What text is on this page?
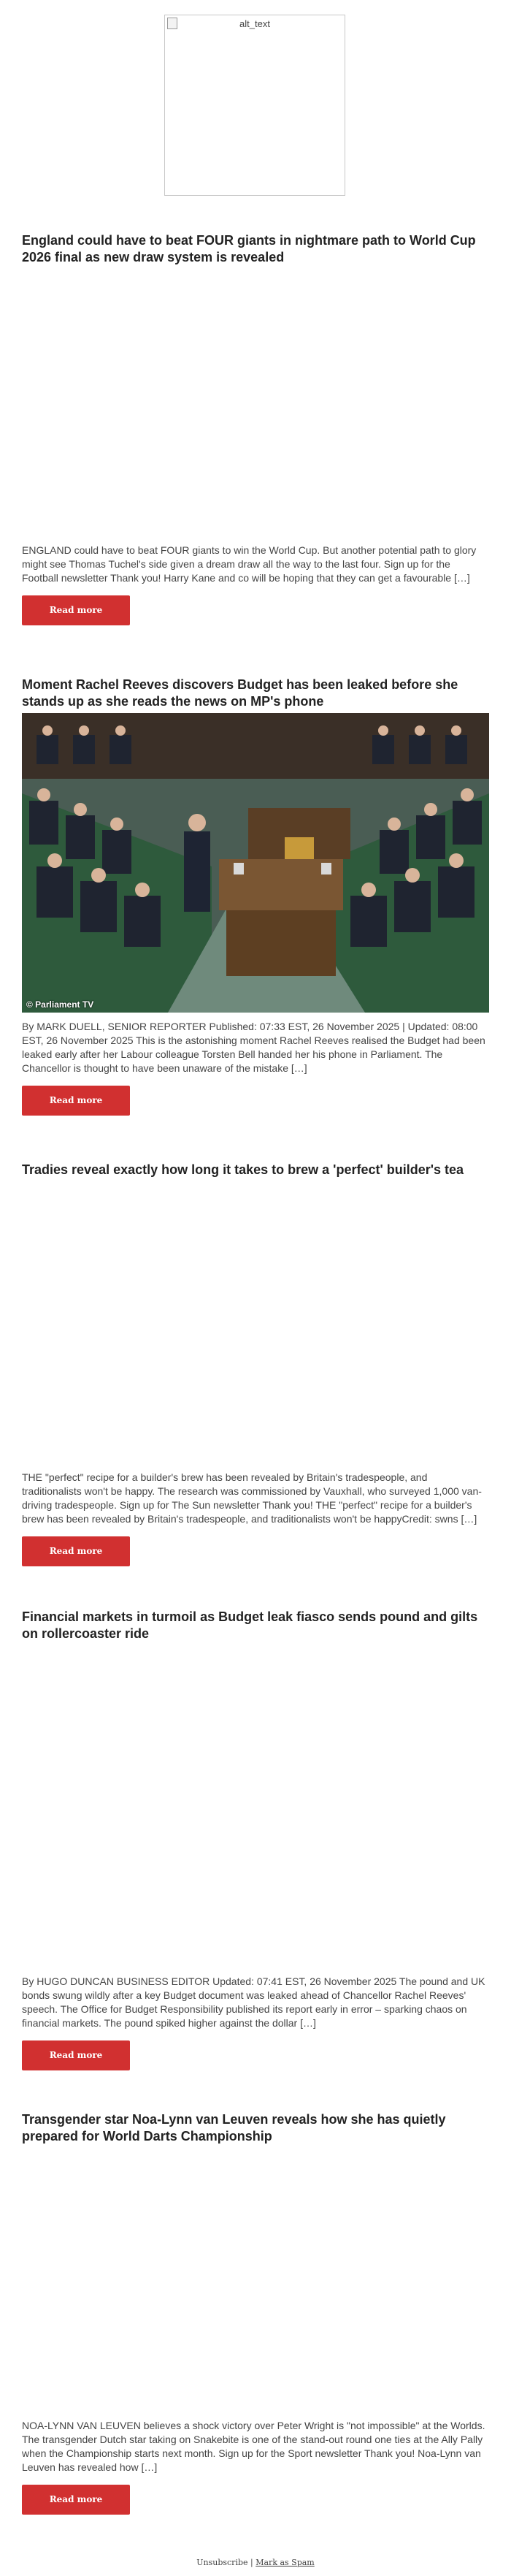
alt_text
England could have to beat FOUR giants in nightmare path to World Cup 2026 final as new draw system is revealed

ENGLAND could have to beat FOUR giants to win the World Cup. But another potential path to glory might see Thomas Tuchel's side given a dream draw all the way to the last four. Sign up for the Football newsletter Thank you! Harry Kane and co will be hoping that they can get a favourable […]

Read more
Moment Rachel Reeves discovers Budget has been leaked before she stands up as she reads the news on MP's phone
© Parliament TV

By MARK DUELL, SENIOR REPORTER Published: 07:33 EST, 26 November 2025 | Updated: 08:00 EST, 26 November 2025 This is the astonishing moment Rachel Reeves realised the Budget had been leaked early after her Labour colleague Torsten Bell handed her his phone in Parliament. The Chancellor is thought to have been unaware of the mistake […]

Read more
Tradies reveal exactly how long it takes to brew a 'perfect' builder's tea

THE "perfect" recipe for a builder's brew has been revealed by Britain's tradespeople, and traditionalists won't be happy. The research was commissioned by Vauxhall, who surveyed 1,000 van-driving tradespeople. Sign up for The Sun newsletter Thank you! THE "perfect" recipe for a builder's brew has been revealed by Britain's tradespeople, and traditionalists won't be happyCredit: swns […]

Read more
Financial markets in turmoil as Budget leak fiasco sends pound and gilts on rollercoaster ride

By HUGO DUNCAN BUSINESS EDITOR Updated: 07:41 EST, 26 November 2025 The pound and UK bonds swung wildly after a key Budget document was leaked ahead of Chancellor Rachel Reeves' speech. The Office for Budget Responsibility published its report early in error – sparking chaos on financial markets. The pound spiked higher against the dollar […]

Read more
Transgender star Noa-Lynn van Leuven reveals how she has quietly prepared for World Darts Championship

NOA-LYNN VAN LEUVEN believes a shock victory over Peter Wright is "not impossible" at the Worlds. The transgender Dutch star taking on Snakebite is one of the stand-out round one ties at the Ally Pally when the Championship starts next month. Sign up for the Sport newsletter Thank you! Noa-Lynn van Leuven has revealed how […]

Read more
Unsubscribe | Mark as Spam
